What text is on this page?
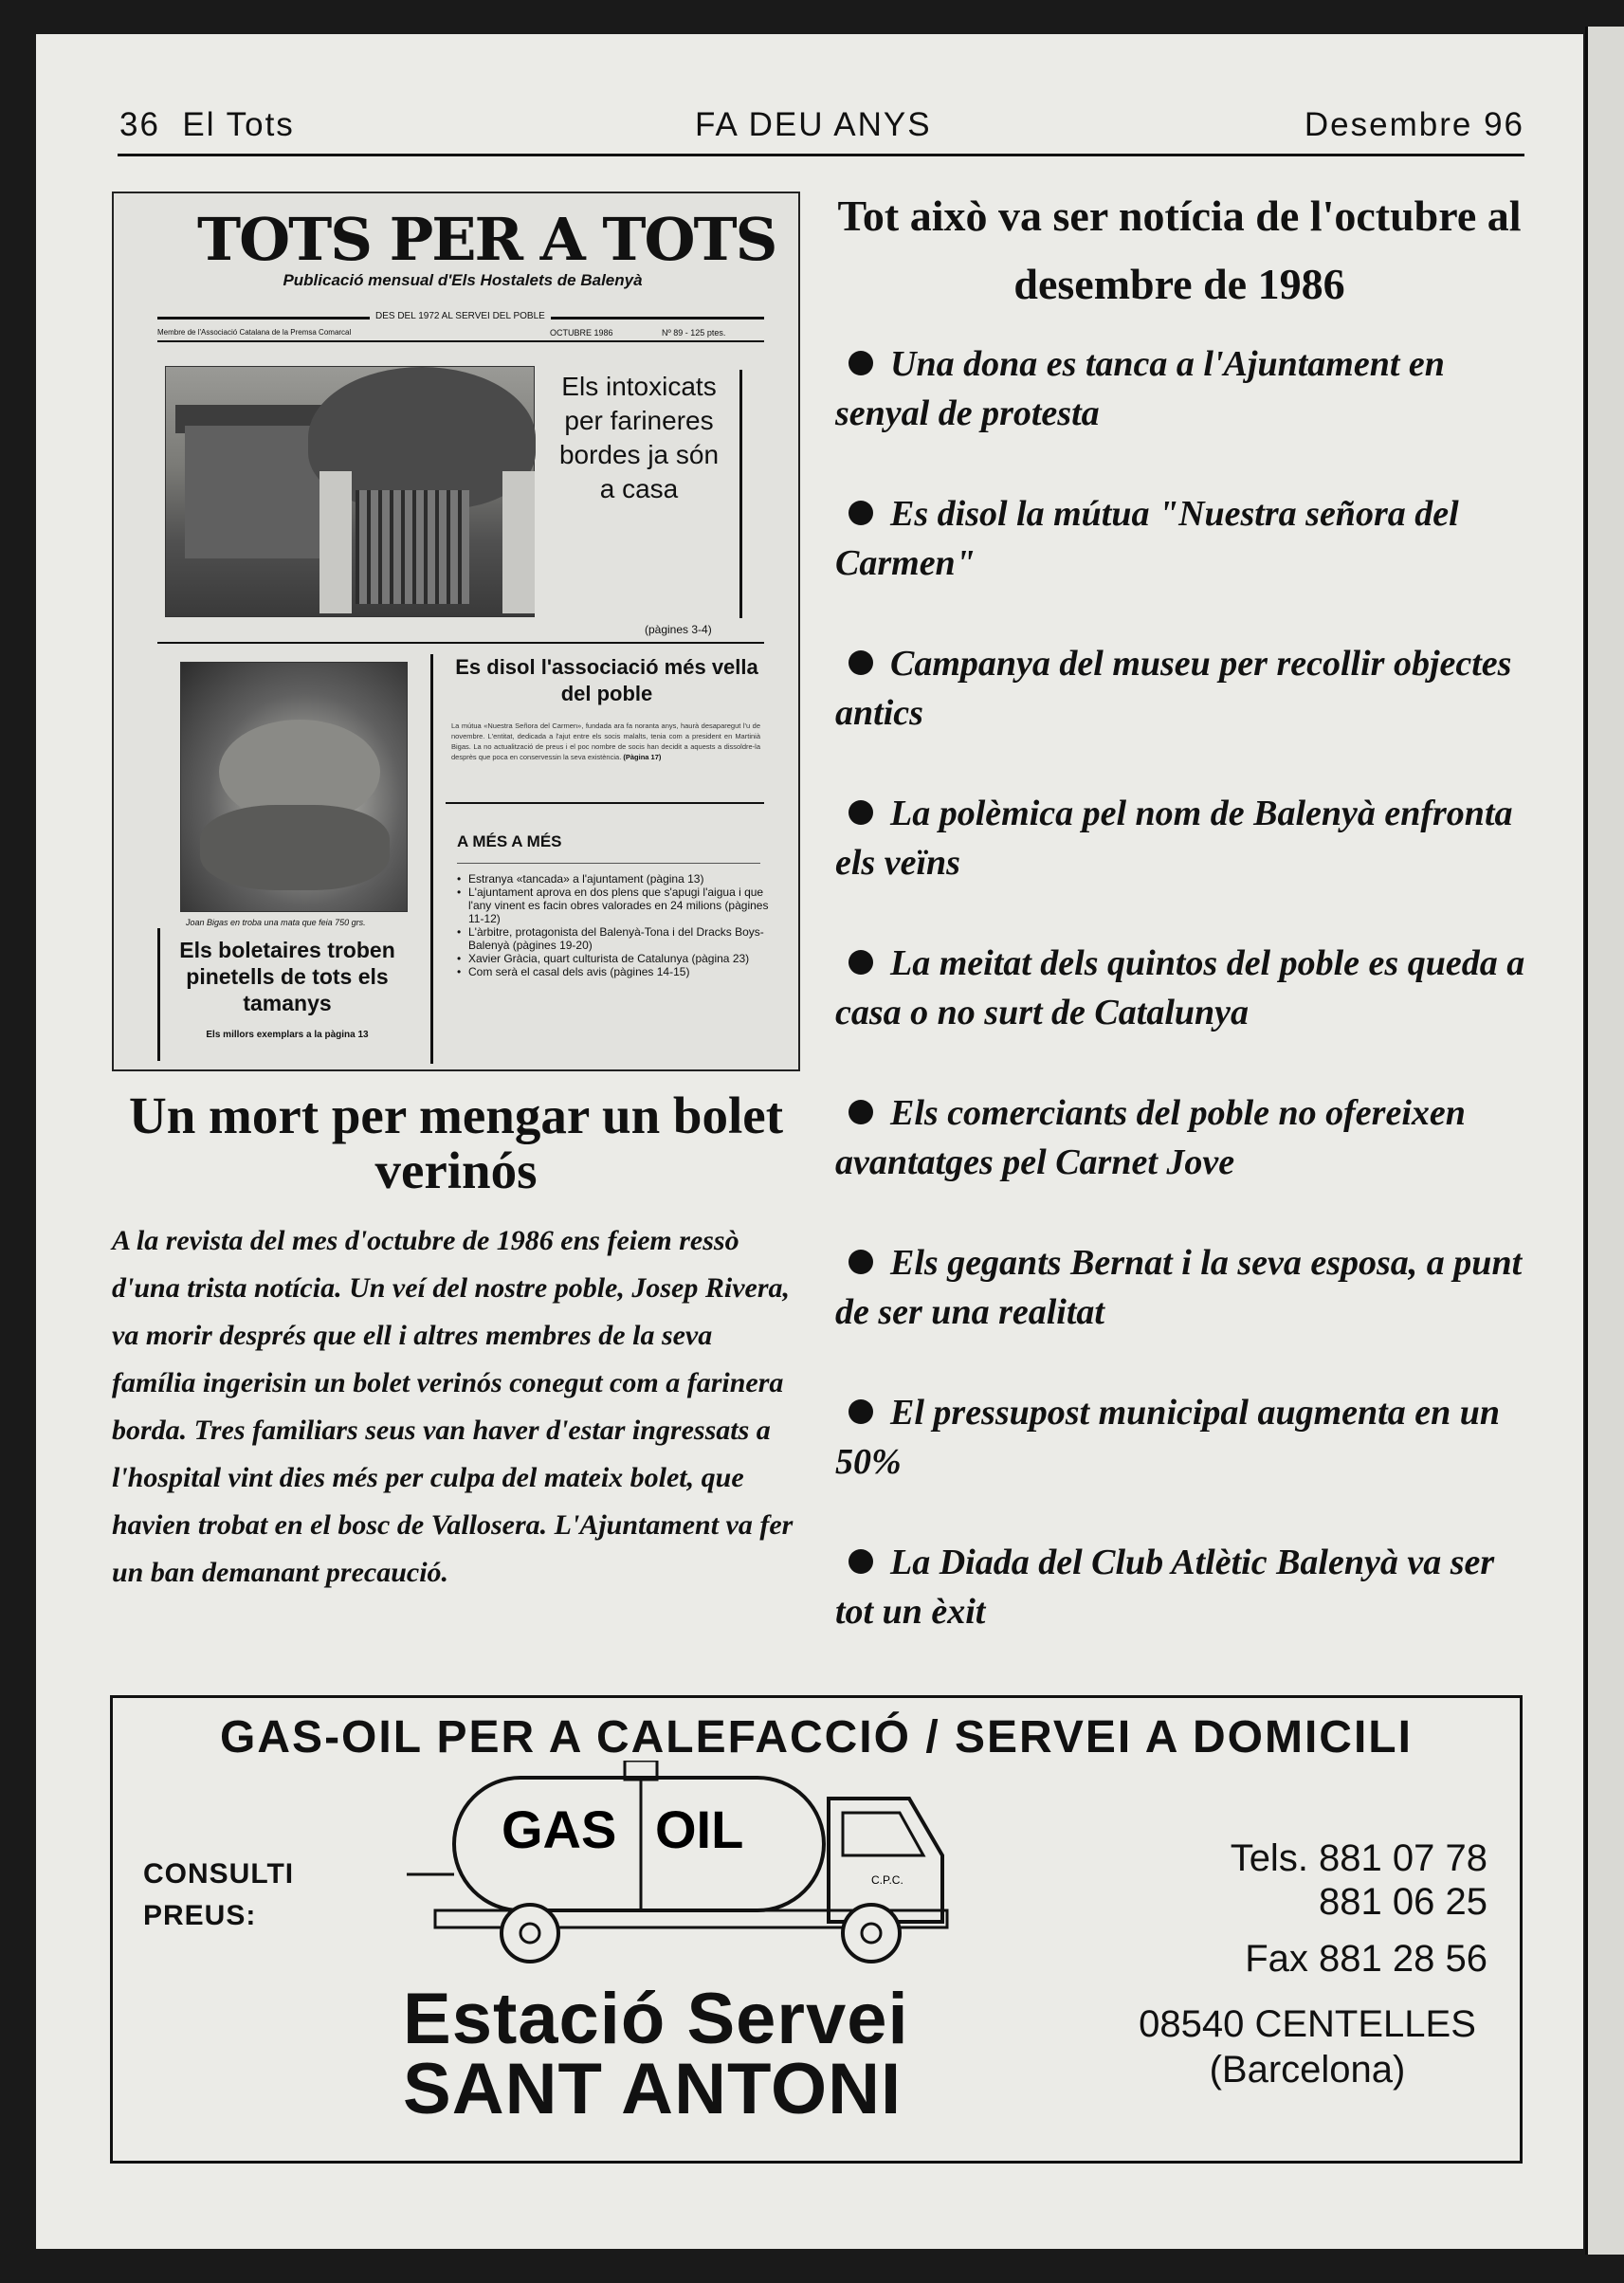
36 El Tots	FA DEU ANYS	Desembre 96
TOTS PER A TOTS
Publicació mensual d'Els Hostalets de Balenyà
DES DEL 1972 AL SERVEI DEL POBLE
Membre de l'Associació Catalana de la Premsa Comarcal	OCTUBRE 1986	Nº 89 - 125 ptes.
Els intoxicats per farineres bordes ja són a casa
(pàgines 3-4)
Joan Bigas en troba una mata que feia 750 grs.
Els boletaires troben pinetells de tots els tamanys
Els millors exemplars a la pàgina 13
Es disol l'associació més vella del poble
La mútua «Nuestra Señora del Carmen», fundada ara fa noranta anys, haurà desaparegut l'u de novembre. L'entitat, dedicada a l'ajut entre els socis malalts, tenia com a president en Martinià Bigas. La no actualització de preus i el poc nombre de socis han decidit a aquests a dissoldre-la desprès que poca en conservessin la seva existència. (Pàgina 17)
A MÉS A MÉS
• Estranya «tancada» a l'ajuntament (pàgina 13)
• L'ajuntament aprova en dos plens que s'apugi l'aigua i que l'any vinent es facin obres valorades en 24 milions (pàgines 11-12)
• L'àrbitre, protagonista del Balenyà-Tona i del Dracks Boys-Balenyà (pàgines 19-20)
• Xavier Gràcia, quart culturista de Catalunya (pàgina 23)
• Com serà el casal dels avis (pàgines 14-15)
Un mort per mengar un bolet verinós
A la revista del mes d'octubre de 1986 ens feiem ressò d'una trista notícia. Un veí del nostre poble, Josep Rivera, va morir després que ell i altres membres de la seva família ingerisin un bolet verinós conegut com a farinera borda. Tres familiars seus van haver d'estar ingressats a l'hospital vint dies més per culpa del mateix bolet, que havien trobat en el bosc de Vallosera. L'Ajuntament va fer un ban demanant precaució.
Tot això va ser notícia de l'octubre al desembre de 1986
Una dona es tanca a l'Ajuntament en senyal de protesta
Es disol la mútua "Nuestra señora del Carmen"
Campanya del museu per recollir objectes antics
La polèmica pel nom de Balenyà enfronta els veïns
La meitat dels quintos del poble es queda a casa o no surt de Catalunya
Els comerciants del poble no ofereixen avantatges pel Carnet Jove
Els gegants Bernat i la seva esposa, a punt de ser una realitat
El pressupost municipal augmenta en un 50%
La Diada del Club Atlètic Balenyà va ser tot un èxit
GAS-OIL PER A CALEFACCIÓ / SERVEI A DOMICILI
CONSULTI PREUS:
GAS OIL
C.P.C.
Estació Servei
SANT ANTONI
Tels. 881 07 78
881 06 25
Fax 881 28 56
08540 CENTELLES
(Barcelona)
